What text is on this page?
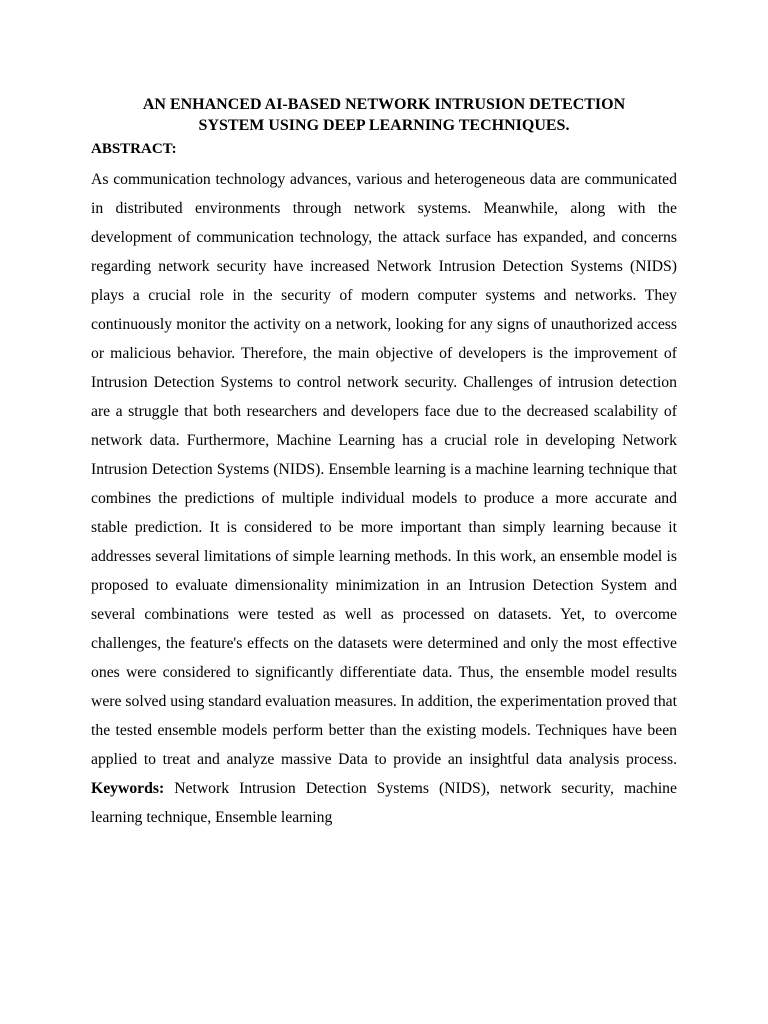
AN ENHANCED AI-BASED NETWORK INTRUSION DETECTION
SYSTEM USING DEEP LEARNING TECHNIQUES.
ABSTRACT:

As communication technology advances, various and heterogeneous data are communicated in distributed environments through network systems. Meanwhile, along with the development of communication technology, the attack surface has expanded, and concerns regarding network security have increased Network Intrusion Detection Systems (NIDS) plays a crucial role in the security of modern computer systems and networks. They continuously monitor the activity on a network, looking for any signs of unauthorized access or malicious behavior. Therefore, the main objective of developers is the improvement of Intrusion Detection Systems to control network security. Challenges of intrusion detection are a struggle that both researchers and developers face due to the decreased scalability of network data. Furthermore, Machine Learning has a crucial role in developing Network Intrusion Detection Systems (NIDS). Ensemble learning is a machine learning technique that combines the predictions of multiple individual models to produce a more accurate and stable prediction. It is considered to be more important than simply learning because it addresses several limitations of simple learning methods. In this work, an ensemble model is proposed to evaluate dimensionality minimization in an Intrusion Detection System and several combinations were tested as well as processed on datasets. Yet, to overcome challenges, the feature's effects on the datasets were determined and only the most effective ones were considered to significantly differentiate data. Thus, the ensemble model results were solved using standard evaluation measures. In addition, the experimentation proved that the tested ensemble models perform better than the existing models. Techniques have been applied to treat and analyze massive Data to provide an insightful data analysis process.

Keywords: Network Intrusion Detection Systems (NIDS), network security, machine learning technique, Ensemble learning
